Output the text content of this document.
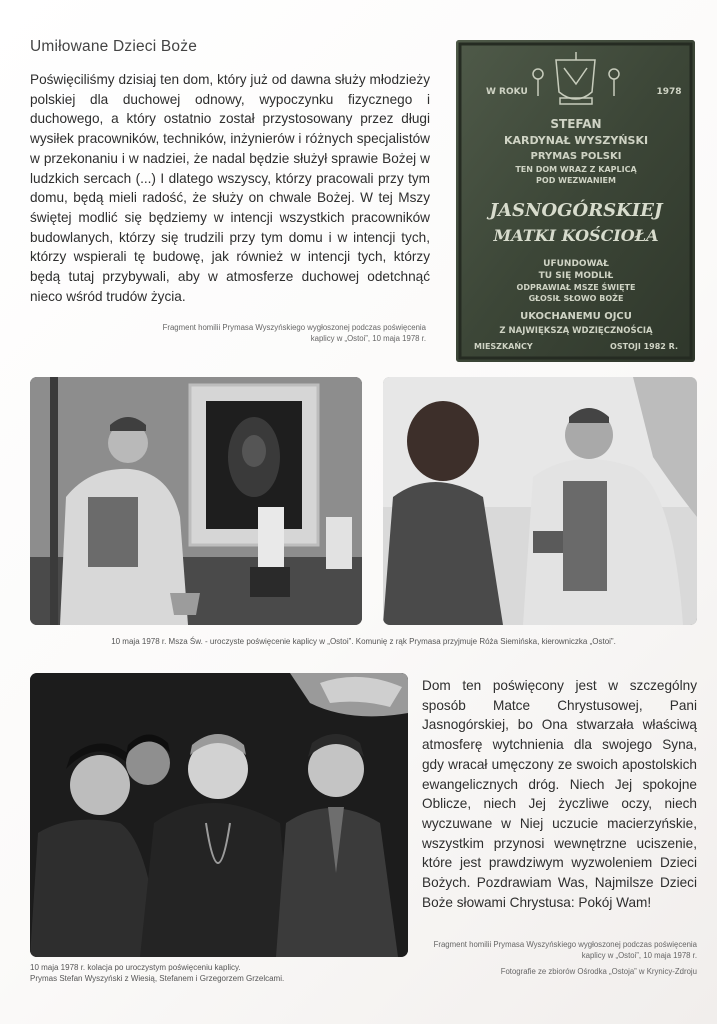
Umiłowane Dzieci Boże
Poświęciliśmy dzisiaj ten dom, który już od dawna służy młodzieży polskiej dla duchowej odnowy, wypoczynku fizycznego i duchowego, a który ostatnio został przystosowany przez długi wysiłek pracowników, techników, inżynierów i różnych specjalistów w przekonaniu i w nadziei, że nadal będzie służył sprawie Bożej w ludzkich sercach (...) I dlatego wszyscy, którzy pracowali przy tym domu, będą mieli radość, że służy on chwale Bożej. W tej Mszy świętej modlić się będziemy w intencji wszystkich pracowników budowlanych, którzy się trudzili przy tym domu i w intencji tych, którzy wspierali tę budowę, jak również w intencji tych, którzy będą tutaj przybywali, aby w atmosferze duchowej odetchnąć nieco wśród trudów życia.
Fragment homilii Prymasa Wyszyńskiego wygłoszonej podczas poświęcenia kaplicy w „Ostoi”, 10 maja 1978 r.
W ROKU	1978
STEFAN
KARDYNAŁ WYSZYŃSKI
PRYMAS POLSKI
TEN DOM WRAZ Z KAPLICĄ
POD WEZWANIEM
JASNOGÓRSKIEJ
MATKI KOŚCIOŁA
UFUNDOWAŁ
TU SIĘ MODLIŁ
ODPRAWIAŁ MSZE ŚWIĘTE
GŁOSIŁ SŁOWO BOŻE
UKOCHANEMU OJCU
Z NAJWIĘKSZĄ WDZIĘCZNOŚCIĄ
MIESZKAŃCY	OSTOJI 1982 R.
10 maja 1978 r. Msza Św. - uroczyste poświęcenie kaplicy w „Ostoi”. Komunię z rąk Prymasa przyjmuje Róża Siemińska, kierowniczka „Ostoi”.
10 maja 1978 r. kolacja po uroczystym poświęceniu kaplicy.
Prymas Stefan Wyszyński z Wiesią, Stefanem i Grzegorzem Grzelcami.
Dom ten poświęcony jest w szczególny sposób Matce Chrystusowej, Pani Jasnogórskiej, bo Ona stwarzała właściwą atmosferę wytchnienia dla swojego Syna, gdy wracał umęczony ze swoich apostolskich ewangelicznych dróg. Niech Jej spokojne Oblicze, niech Jej życzliwe oczy, niech wyczuwane w Niej uczucie macierzyńskie, wszystkim przynosi wewnętrzne uciszenie, które jest prawdziwym wyzwoleniem Dzieci Bożych. Pozdrawiam Was, Najmilsze Dzieci Boże słowami Chrystusa: Pokój Wam!
Fragment homilii Prymasa Wyszyńskiego wygłoszonej podczas poświęcenia kaplicy w „Ostoi”, 10 maja 1978 r.
Fotografie ze zbiorów Ośrodka „Ostoja” w Krynicy-Zdroju
